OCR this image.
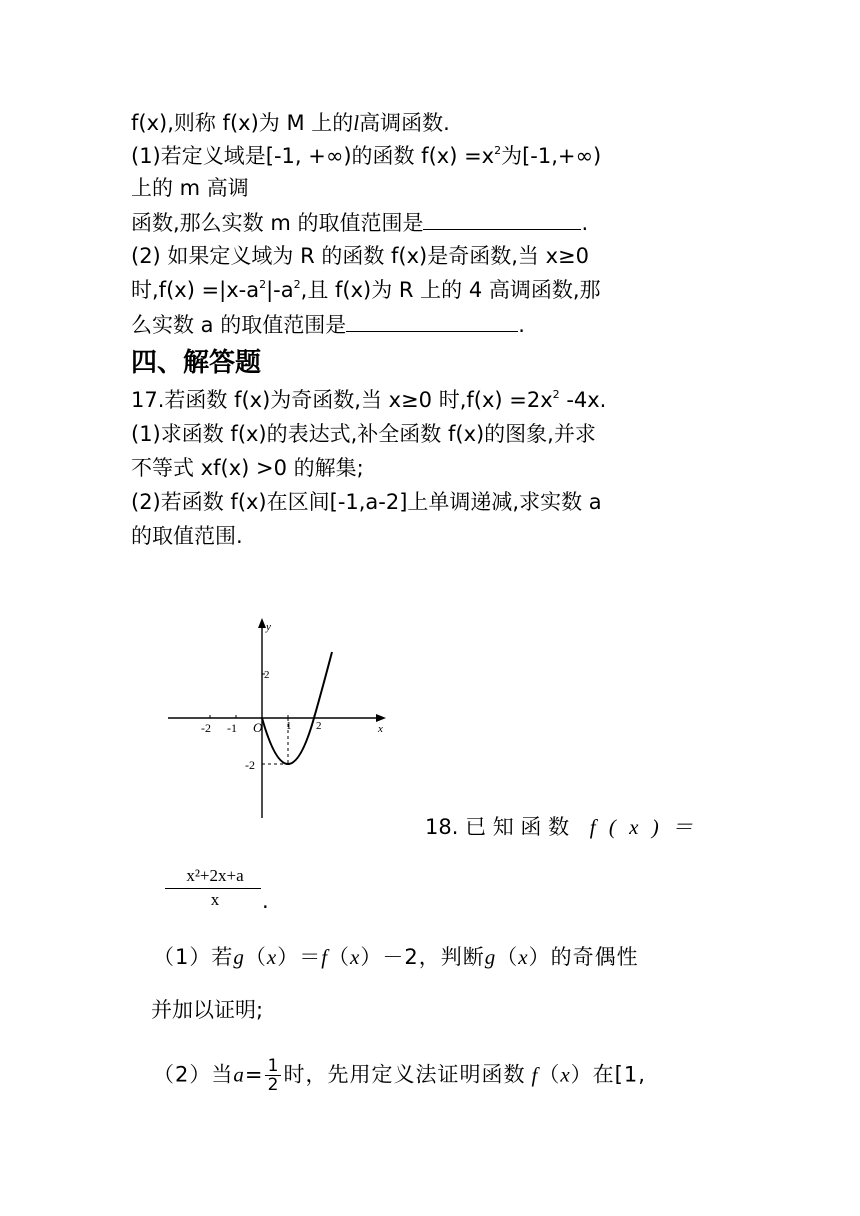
f(x),则称 f(x)为 M 上的l高调函数.
(1)若定义域是[-1, +∞)的函数 $f(x) =x^2$为[-1,+∞)
上的 m 高调
函数,那么实数 m 的取值范围是	.
(2) 如果定义域为 R 的函数 f(x)是奇函数,当 x≥0
时$,f(x) =|x-a^2|-a^2$,且 f(x)为 R 上的 4 高调函数,那
么实数 a 的取值范围是	.
四、解答题
17.若函数 f(x)为奇函数,当 x≥0 时$,f(x) =2x^2$ -4x.
(1)求函数 f(x)的表达式,补全函数 f(x)的图象,并求
不等式 xf(x) >0 的解集;
(2)若函数 f(x)在区间[-1,a-2]上单调递减,求实数 a
的取值范围.
y
x
O
-2 -1	1 2
2
-2
18. 已 知 函 数 f ( x ) ＝
x²+2x+a
x	.
（1）若g（x）＝f（x）－2，判断g（x）的奇偶性
并加以证明;
（2）当$a= \frac{1}{2}$ 时，先用定义法证明函数 f（x）在[1,
